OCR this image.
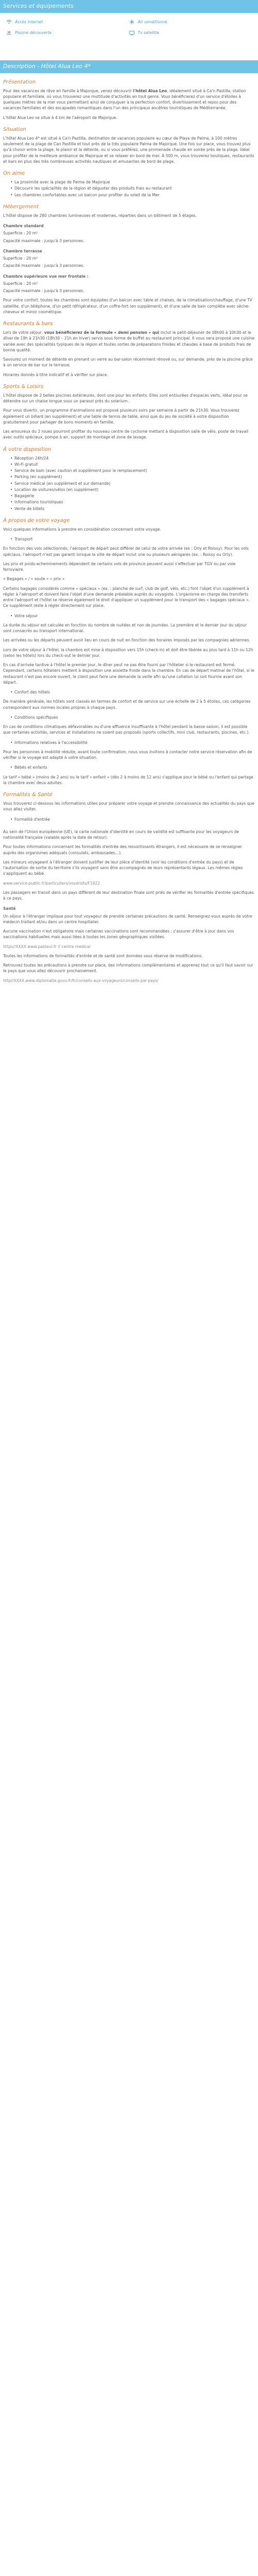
Services et équipements
Accès internet	Air conditionné
Piscine découverte	Tv satellite
Description - Hôtel Alua Leo 4*
Présentation

Pour des vacances de rêve en famille à Majorque, venez découvrir l'hôtel Alua Leo, idéalement situé à Ca'n Pastilla, station populaire et familiale, où vous trouverez une multitude d'activités en tout genre. Vous bénéficierez d'un service d'étoiles à quelques mètres de la mer vous permettant ainsi de conjuguer à la perfection confort, divertissement et repos pour des vacances familiales et des escapades romantiques dans l'un des principaux ancêtres touristiques de Méditerranée.

L'hôtel Alua Leo se situe à 4 km de l'aéroport de Majorque.

Situation

L'hôtel Alua Leo 4* est situé à Ca'n Pastilla, destination de vacances populaire au cœur de Playa de Palma, à 100 mètres seulement de la plage de Can Pastilla et tout près de la très populaire Palma de Majorque. Une fois sur place, vous trouvez plus qu'à choisir entre la plage, le plaisir et la détente, ou si vous préférez, une promenade chaude en soirée près de la plage. Idéal pour profiter de la meilleure ambiance de Majorque et se relaxer en bord de mer. À 500 m, vous trouverez boutiques, restaurants et bars en plus des très nombreuses activités nautiques et amusantes de bord de plage.

On aime
• La proximité avec la plage de Palma de Majorque
• Découvrir les spécialités de la région et déguster des produits frais au restaurant
• Les chambres confortables avec un balcon pour profiter du soleil de la Mer
Hébergement

L'hôtel dispose de 280 chambres lumineuses et modernes, réparties dans un bâtiment de 5 étages.

Chambre standard

Superficie : 20 m²

Capacité maximale : jusqu'à 3 personnes.

Chambre terrasse

Superficie : 20 m²

Capacité maximale : jusqu'à 3 personnes.

Chambre supérieure vue mer frontale :

Superficie : 20 m²

Capacité maximale : jusqu'à 3 personnes.

Pour votre confort, toutes les chambres sont équipées d'un balcon avec table et chaises, de la climatisation/chauffage, d'une TV satellite, d'un téléphone, d'un petit réfrigérateur, d'un coffre-fort (en supplément), et d'une salle de bain complète avec sèche-cheveux et miroir cosmétique.

Restaurants & bars

Lors de votre séjour, vous bénéficierez de la formule « demi pension » qui inclut le petit-déjeuner de 08h00 à 10h30 et le dîner de 19h à 21h30 (18h30 – 21h en hiver) servis sous forme de buffet au restaurant principal. Il vous sera proposé une cuisine variée avec des spécialités typiques de la région et toutes sortes de préparations froides et chaudes à base de produits frais de bonne qualité.

Savourez un moment de détente en prenant un verre au bar-salon récemment rénové ou, sur demande, près de la piscine grâce à un service de bar sur la terrasse.

Horaires donnés à titre indicatif et à vérifier sur place.

Sports & Loisirs

L'hôtel dispose de 2 belles piscines extérieures, dont une pour les enfants. Elles sont entourées d'espaces verts, idéal pour se détendre sur un chaise longue sous un parasol près du solarium.

Pour vous divertir, un programme d'animations est proposé plusieurs soirs par semaine à partir de 21h30. Vous trouverez également un billard (en supplément) et une table de tennis de table, ainsi que du jeu de société à votre disposition gratuitement pour partager de bons moments en famille.

Les amoureux du 2 roues pourront profiter du nouveau centre de cyclisme mettant à disposition salle de vélo, poste de travail avec outils spéciaux, pompe à air, support de montage et zone de lavage.

À votre disposition
• Réception 24h/24
• Wi-Fi gratuit
• Service de bain (avec caution et supplément pour le remplacement)
• Parking (en supplément)
• Service médical (en supplément et sur demande)
• Location de voitures/vélos (en supplément)
• Bagagerie
• Informations touristiques
• Vente de billets
À propos de votre voyage

Voici quelques informations à prendre en considération concernant votre voyage.

• Transport

En fonction des vols sélectionnés, l'aéroport de départ peut différer de celui de votre arrivée (ex : Orly et Roissy). Pour les vols spéciaux, l'aéroport n'est pas garanti lorsque la ville de départ inclut une ou plusieurs aérogares (ex. : Roissy ou Orly).

Les prix et poids-acheminements dépendent de certains vols de province peuvent aussi s'effectuer par TGV ou par voie ferroviaire.

« Bagages » / « soute » « prix »

Certains bagages considérés comme « spéciaux » (ex. : planche de surf, club de golf, vélo, etc.) font l'objet d'un supplément à régler à l'aéroport et doivent faire l'objet d'une demande préalable auprès du voyagiste. L'organisme en charge des transferts entre l'aéroport et l'hôtel se réserve également le droit d'appliquer un supplément pour le transport des « bagages spéciaux ». Ce supplément reste à régler directement sur place.

• Votre séjour

La durée du séjour est calculée en fonction du nombre de nuitées et non de journées. La première et le dernier jour du séjour sont consacrés au transport international.

Les arrivées ou les départs peuvent avoir lieu en cours de nuit en fonction des horaires imposés par les compagnies aériennes.

Lors de votre séjour à l'hôtel, la chambre est mise à disposition vers 15h (check-in) et doit être libérée au plus tard à 11h ou 12h (selon les hôtels) lors du check-out le dernier jour.

En cas d'arrivée tardive à l'hôtel le premier jour, le dîner peut ne pas être fourni par l'hôtelier si le restaurant est fermé. Cependant, certains hôteliers mettent à disposition une assiette froide dans la chambre. En cas de départ matinal de l'hôtel, si le restaurant n'est pas encore ouvert, le client peut faire une demande la veille afin qu'une collation lui soit fournie avant son départ.

• Confort des hôtels

De manière générale, les hôtels sont classés en termes de confort et de service sur une échelle de 2 à 5 étoiles, ces catégories correspondent aux normes locales propres à chaque pays.

• Conditions spécifiques

En cas de conditions climatiques défavorables ou d'une affluence insuffisante à l'hôtel pendant la basse saison, il est possible que certaines activités, services et installations ne soient pas proposés (sports collectifs, mini club, restaurants, piscines, etc.).

• Informations relatives à l'accessibilité

Pour les personnes à mobilité réduite, avant toute confirmation, nous vous invitons à contacter notre service réservation afin de vérifier si le voyage est adapté à votre situation.

• Bébés et enfants

Le tarif « bébé » (moins de 2 ans) ou le tarif « enfant » (dès 2 à moins de 12 ans) s'applique pour le bébé ou l'enfant qui partage la chambre avec deux adultes.

Formalités & Santé

Vous trouverez ci-dessous les informations utiles pour préparer votre voyage et prendre connaissance des actualités du pays que vous allez visiter.

• Formalité d'entrée

Au sein de l'Union européenne (UE), la carte nationale d'identité en cours de validité est suffisante pour les voyageurs de nationalité française (valable après la date de retour).

Pour toutes informations concernant les formalités d'entrée des ressortissants étrangers, il est nécessaire de se renseigner auprès des organismes adéquats (consulats, ambassades…).

Les mineurs voyageant à l'étranger doivent justifier de leur pièce d'identité (voir les conditions d'entrée du pays) et de l'autorisation de sortie du territoire s'ils voyagent sans être accompagnés de leurs représentants légaux. Les mêmes règles s'appliquent au bébé.

www.service-public.fr/particuliers/vosdroits/F1922

Les passagers en transit dans un pays diffèrent de leur destination finale sont priés de vérifier les formalités d'entrée spécifiques à ce pays.

Santé

Un séjour à l'étranger implique pour tout voyageur de prendre certaines précautions de santé. Renseignez-vous auprès de votre médecin traitant et/ou dans un centre hospitalier.

Aucune vaccination n'est obligatoire mais certaines vaccinations sont recommandées ; s'assurer d'être à jour dans vos vaccinations habituelles mais aussi liées à toutes les zones géographiques visitées.

https//XXXX.www.pasteur.fr // centre medical

Toutes les informations de formalités d'entrée et de santé sont données sous réserve de modifications.

Retrouvez toutes les précautions à prendre sur place, des informations complémentaires et apprenez tout ce qu'il faut savoir sur le pays que vous allez découvrir prochainement.

http//XXXX.www.diplomatie.gouv.fr/fr/conseils-aux-voyageurs/conseils-par-pays/
